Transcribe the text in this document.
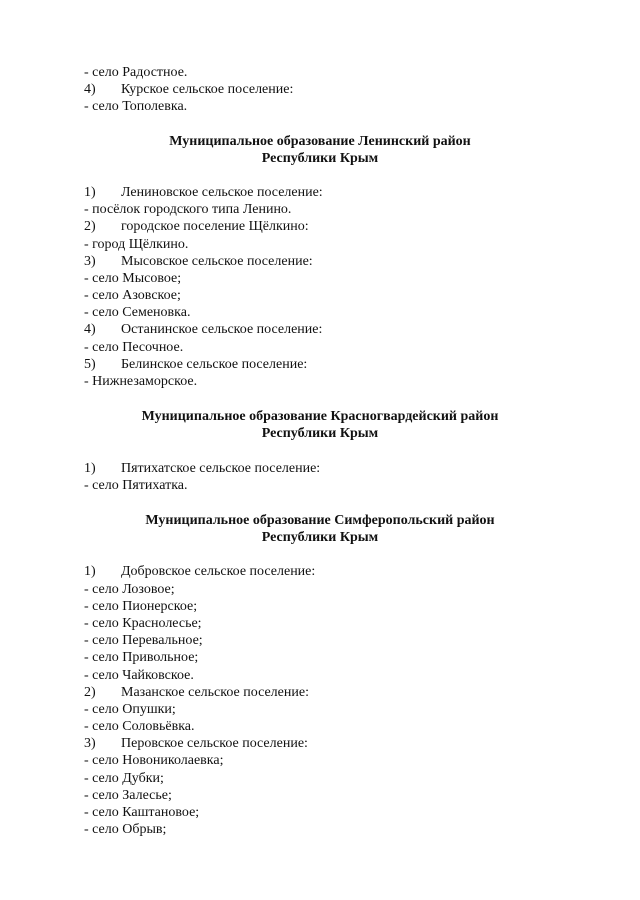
- село Радостное.
4) Курское сельское поселение:
- село Тополевка.
Муниципальное образование Ленинский район
Республики Крым
1) Лениновское сельское поселение:
- посёлок городского типа Ленино.
2) городское поселение Щёлкино:
- город Щёлкино.
3) Мысовское сельское поселение:
- село Мысовое;
- село Азовское;
- село Семеновка.
4) Останинское сельское поселение:
- село Песочное.
5) Белинское сельское поселение:
- Нижнезаморское.
Муниципальное образование Красногвардейский район
Республики Крым
1) Пятихатское сельское поселение:
- село Пятихатка.
Муниципальное образование Симферопольский район
Республики Крым
1) Добровское сельское поселение:
- село Лозовое;
- село Пионерское;
- село Краснолесье;
- село Перевальное;
- село Привольное;
- село Чайковское.
2) Мазанское сельское поселение:
- село Опушки;
- село Соловьёвка.
3) Перовское сельское поселение:
- село Новониколаевка;
- село Дубки;
- село Залесье;
- село Каштановое;
- село Обрыв;
